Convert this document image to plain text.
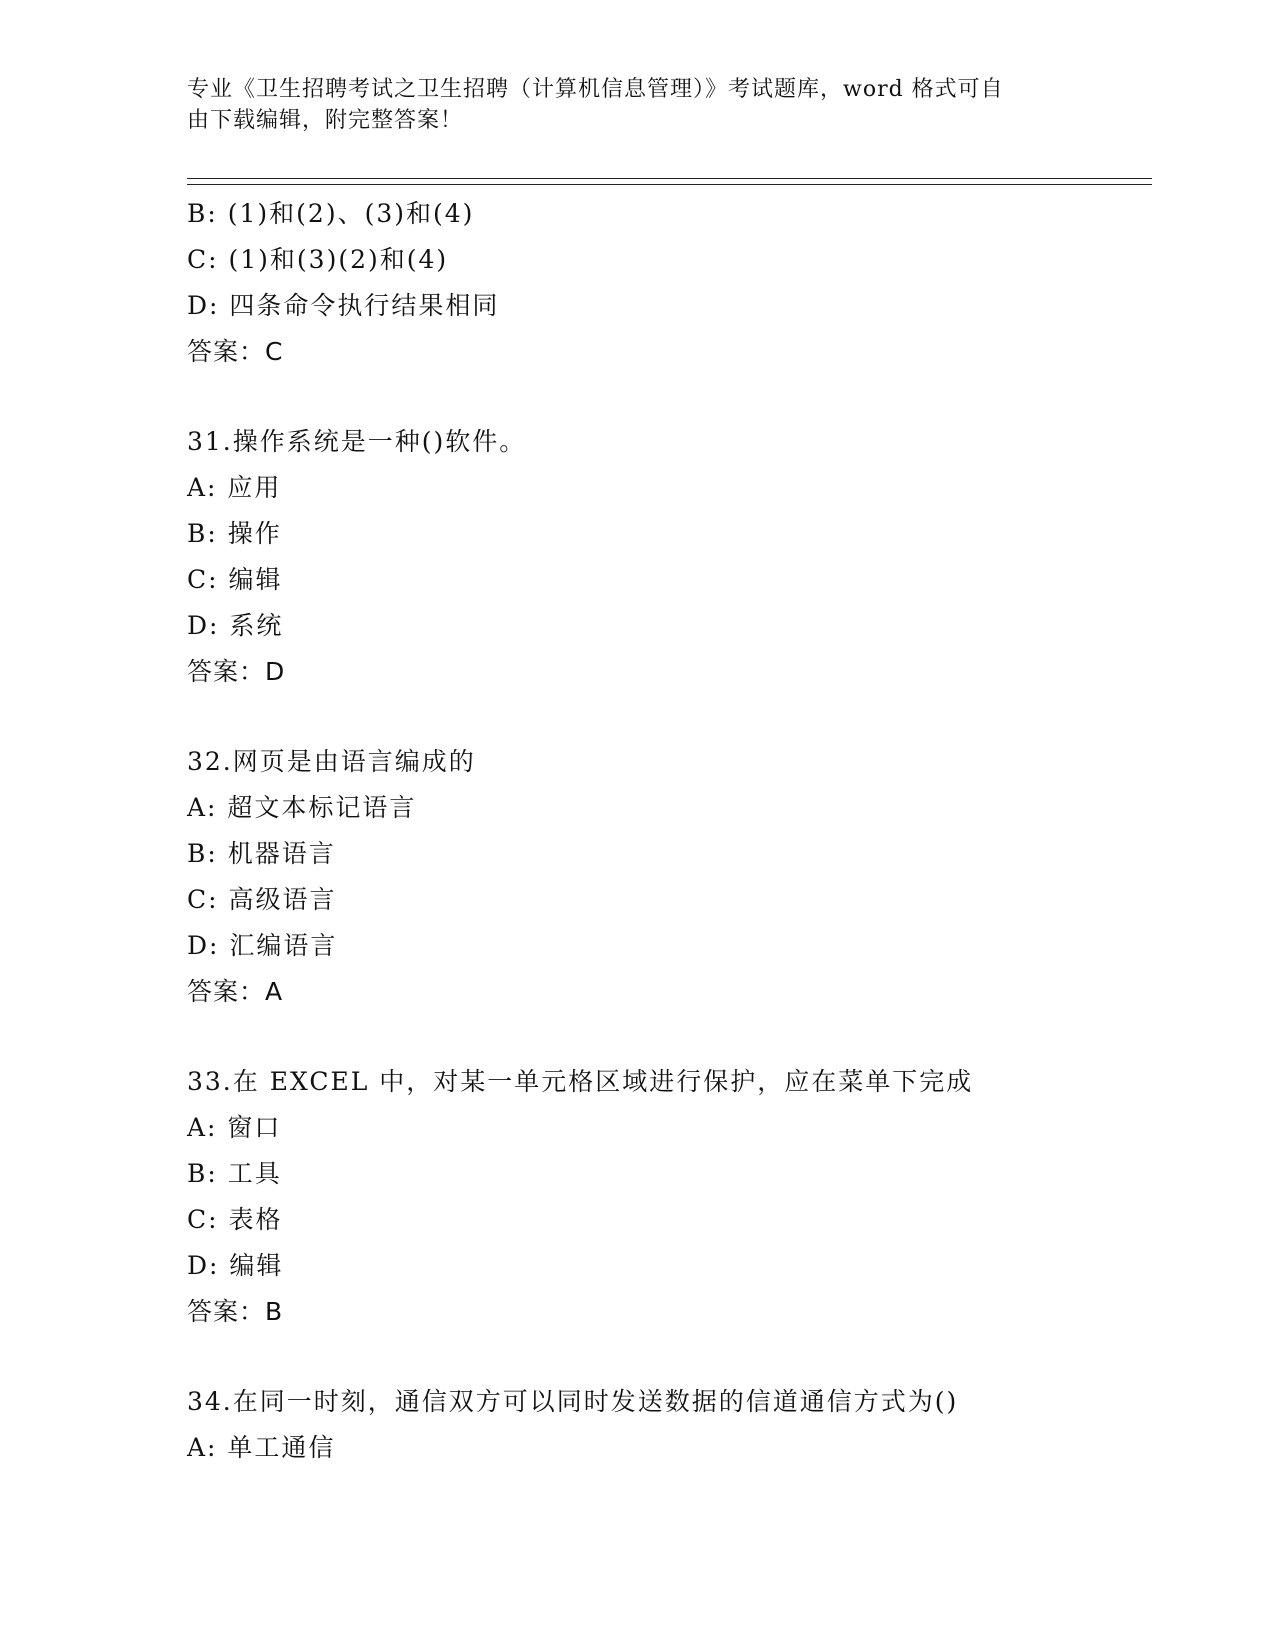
专业《卫生招聘考试之卫生招聘（计算机信息管理）》考试题库，word 格式可自
由下载编辑，附完整答案！
B: (1)和(2)、(3)和(4)
C: (1)和(3)(2)和(4)
D: 四条命令执行结果相同
答案：C
31.操作系统是一种()软件。
A: 应用
B: 操作
C: 编辑
D: 系统
答案：D
32.网页是由语言编成的
A: 超文本标记语言
B: 机器语言
C: 高级语言
D: 汇编语言
答案：A
33.在 EXCEL 中，对某一单元格区域进行保护，应在菜单下完成
A: 窗口
B: 工具
C: 表格
D: 编辑
答案：B
34.在同一时刻，通信双方可以同时发送数据的信道通信方式为()
A: 单工通信
